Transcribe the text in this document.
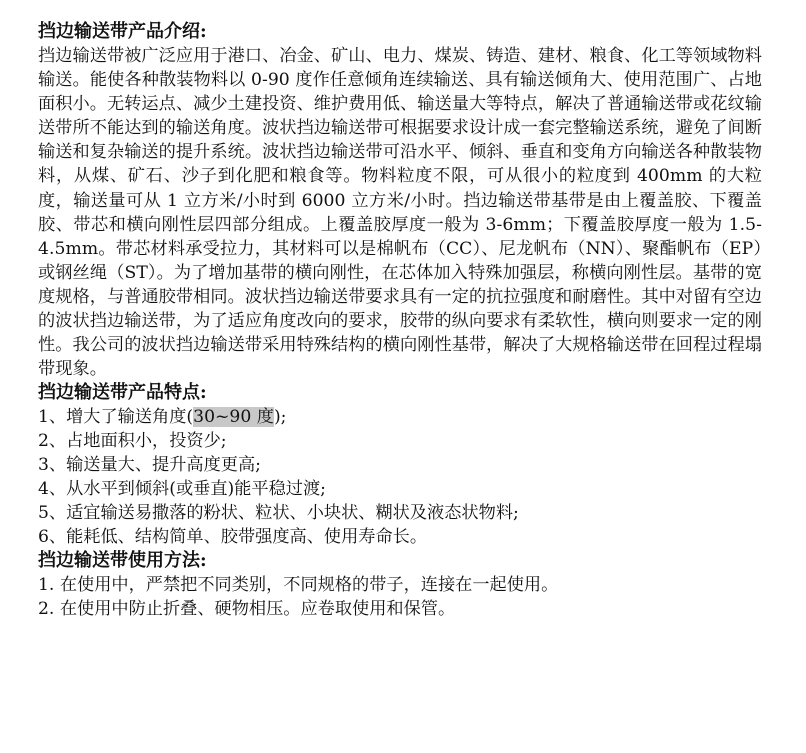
挡边输送带产品介绍:

挡边输送带被广泛应用于港口、冶金、矿山、电力、煤炭、铸造、建材、粮食、化工等领域物料输送。能使各种散装物料以 0-90 度作任意倾角连续输送、具有输送倾角大、使用范围广、占地面积小。无转运点、减少土建投资、维护费用低、输送量大等特点，解决了普通输送带或花纹输送带所不能达到的输送角度。波状挡边输送带可根据要求设计成一套完整输送系统，避免了间断输送和复杂输送的提升系统。波状挡边输送带可沿水平、倾斜、垂直和变角方向输送各种散装物料，从煤、矿石、沙子到化肥和粮食等。物料粒度不限，可从很小的粒度到 400mm 的大粒度，输送量可从 1 立方米/小时到 6000 立方米/小时。挡边输送带基带是由上覆盖胶、下覆盖胶、带芯和横向刚性层四部分组成。上覆盖胶厚度一般为 3-6mm；下覆盖胶厚度一般为 1.5-4.5mm。带芯材料承受拉力，其材料可以是棉帆布（CC）、尼龙帆布（NN）、聚酯帆布（EP）或钢丝绳（ST）。为了增加基带的横向刚性，在芯体加入特殊加强层，称横向刚性层。基带的宽度规格，与普通胶带相同。波状挡边输送带要求具有一定的抗拉强度和耐磨性。其中对留有空边的波状挡边输送带，为了适应角度改向的要求，胶带的纵向要求有柔软性，横向则要求一定的刚性。我公司的波状挡边输送带采用特殊结构的横向刚性基带，解决了大规格输送带在回程过程塌带现象。

挡边输送带产品特点:

1、增大了输送角度(30~90 度);

2、占地面积小，投资少;

3、输送量大、提升高度更高;

4、从水平到倾斜(或垂直)能平稳过渡;

5、适宜输送易撒落的粉状、粒状、小块状、糊状及液态状物料;

6、能耗低、结构简单、胶带强度高、使用寿命长。

挡边输送带使用方法:

1. 在使用中，严禁把不同类别，不同规格的带子，连接在一起使用。

2. 在使用中防止折叠、硬物相压。应卷取使用和保管。
